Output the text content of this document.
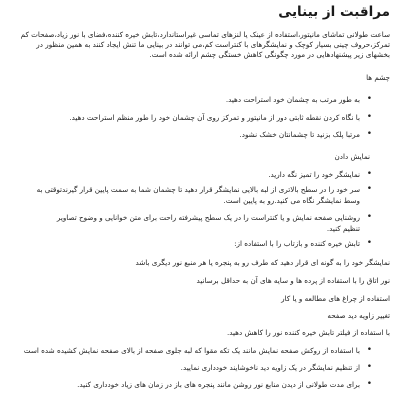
مراقبت از بینایی
ساعت طولانی تماشای مانیتور،استفاده از عینک یا لنزهای تماسی غیراستاندارد،تابش خیره کننده،فضای با نور زیاد،صفحات کم
تمرکز،حروف چینی بسیار کوچک و نمایشگرهای با کنتراست کم،می توانند در بینایی ما تنش ایجاد کنند به همین منظور در
بخشهای زیر پیشنهادهایی در مورد چگونگی کاهش خستگی چشم ارائه شده است.
چشم ها
•
به طور مرتب به چشمان خود استراحت دهید.
•
با نگاه کردن نقطه ثابتی دور از مانیتور و تمرکز روی آن چشمان خود را طور منظم استراحت دهید.
•
مرتبا پلک بزنید تا چشمانتان خشک نشود.
نمایش دادن
•
نمایشگر خود را تمیز نگه دارید.
•
سر خود را در سطح بالاتری از لبه بالایی نمایشگر قرار دهید تا چشمان شما به سمت پایین قرار گیرندتوقتی به
وسط نمایشگر نگاه می کنید.رو به پایین است.
•
روشنایی صفحه نمایش و یا کنتراست را در یک سطح پیشرفته راحت برای متن خوانایی و وضوح تصاویر
تنظیم کنید.
•
تابش خیره کننده و بازتاب را با استفاده از:
نمایشگر خود را به گونه ای قرار دهید که طرف رو به پنجره یا هر منبع نور دیگری باشد
نور اتاق را با استفاده از پرده ها و سایه های آن به حداقل برسانید
استفاده از چراغ های مطالعه و یا کار
تغییر زاویه دید صفحه
با استفاده از فیلتر تابش خیره کننده نور را کاهش دهید.
•
با استفاده از روکش صفحه نمایش مانند یک تکه مقوا که لبه جلوی صفحه از بالای صفحه نمایش کشیده شده است
•
از تنظیم نمایشگر در یک زاویه دید ناخوشایند خودداری نمایید.
•
برای مدت طولانی از دیدن منابع نور روشن مانند پنجره های باز در زمان های زیاد خودداری کنید.
